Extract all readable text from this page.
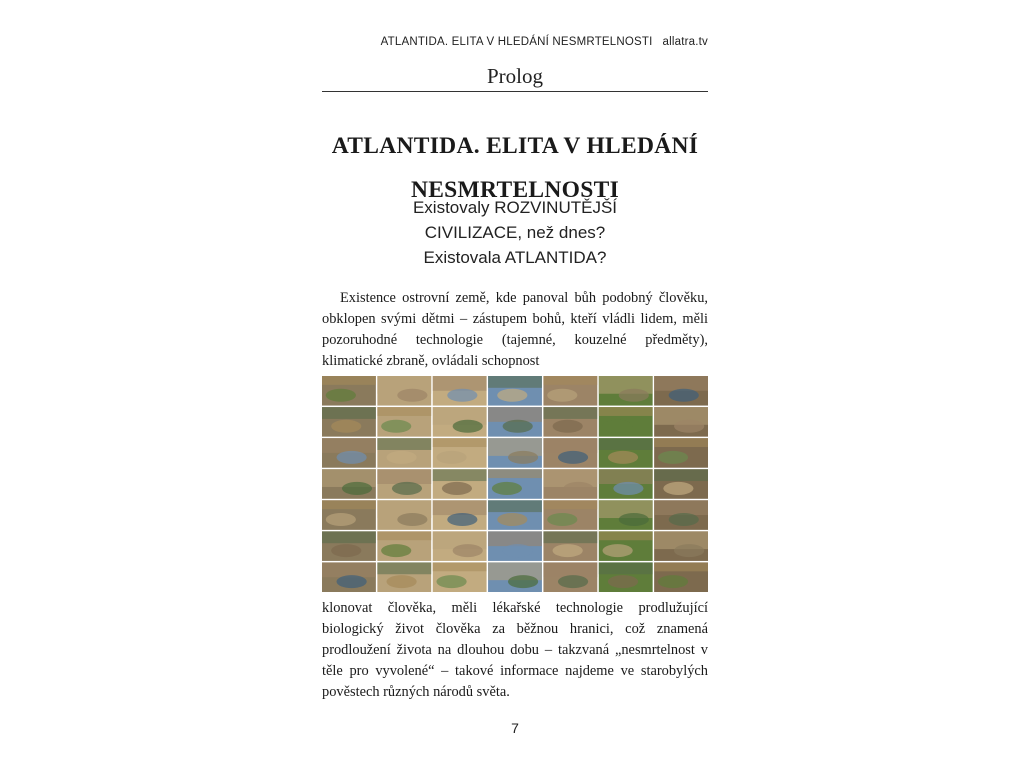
ATLANTIDA. ELITA V HLEDÁNÍ NESMRTELNOSTI allatra.tv
Prolog
ATLANTIDA. ELITA V HLEDÁNÍ
NESMRTELNOSTI
Existovaly ROZVINUTĚJŠÍ
CIVILIZACE, než dnes?
Existovala ATLANTIDA?

Existence ostrovní země, kde panoval bůh podobný člověku, obklopen svými dětmi – zástupem bohů, kteří vládli lidem, měli pozoruhodné technologie (tajemné, kouzelné předměty), klimatické zbraně, ovládali schopnost

klonovat člověka, měli lékařské technologie prodlužující biologický život člověka za běžnou hranici, což znamená prodloužení života na dlouhou dobu – takzvaná „nesmrtelnost v těle pro vyvolené“ – takové informace najdeme ve starobylých pověstech různých národů světa.

7
